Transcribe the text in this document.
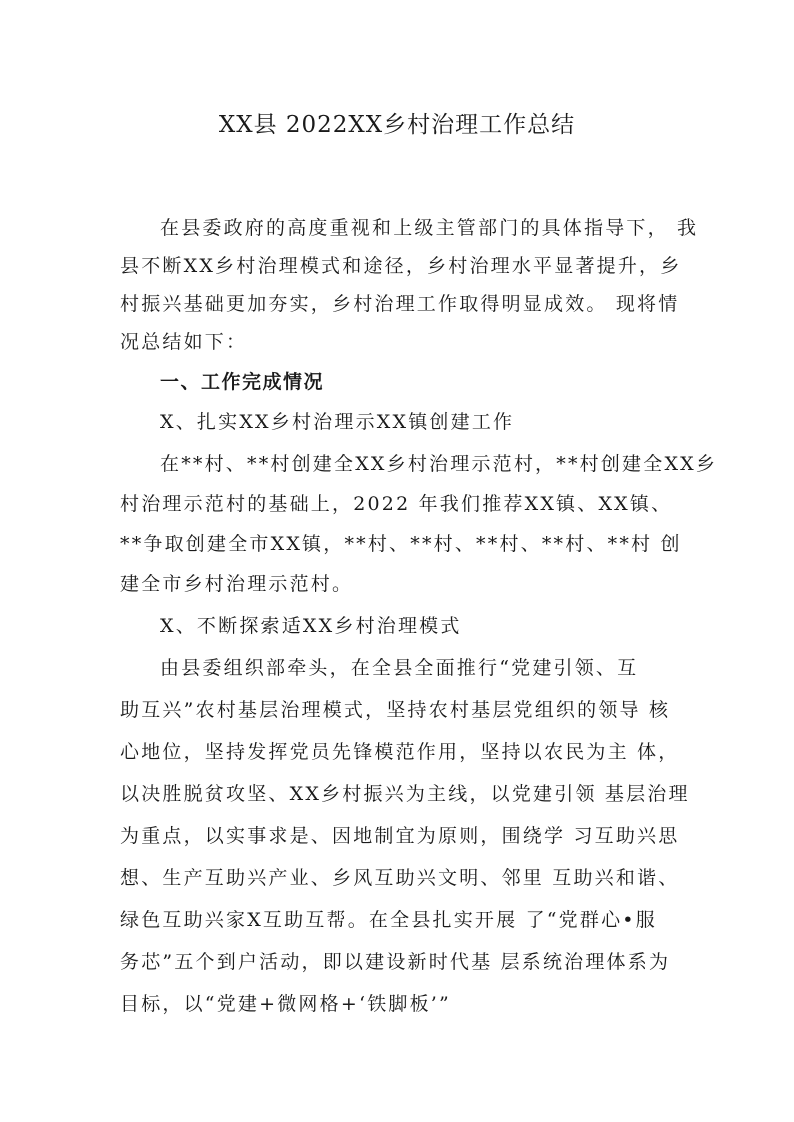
XX县 2022XX乡村治理工作总结
在县委政府的高度重视和上级主管部门的具体指导下， 我
县不断XX乡村治理模式和途径，乡村治理水平显著提升，乡
村振兴基础更加夯实，乡村治理工作取得明显成效。 现将情
况总结如下：
一、工作完成情况
X、扎实XX乡村治理示XX镇创建工作
在**村、**村创建全XX乡村治理示范村，**村创建全XX乡
村治理示范村的基础上，2022 年我们推荐XX镇、XX镇、
**争取创建全市XX镇，**村、**村、**村、**村、**村 创
建全市乡村治理示范村。
X、不断探索适XX乡村治理模式
由县委组织部牵头，在全县全面推行“党建引领、互
助互兴”农村基层治理模式，坚持农村基层党组织的领导 核
心地位，坚持发挥党员先锋模范作用，坚持以农民为主 体，
以决胜脱贫攻坚、XX乡村振兴为主线，以党建引领 基层治理
为重点，以实事求是、因地制宜为原则，围绕学 习互助兴思
想、生产互助兴产业、乡风互助兴文明、邻里 互助兴和谐、
绿色互助兴家X互助互帮。在全县扎实开展 了“党群心•服
务芯”五个到户活动，即以建设新时代基 层系统治理体系为
目标，以“党建+微网格+‘铁脚板’”
